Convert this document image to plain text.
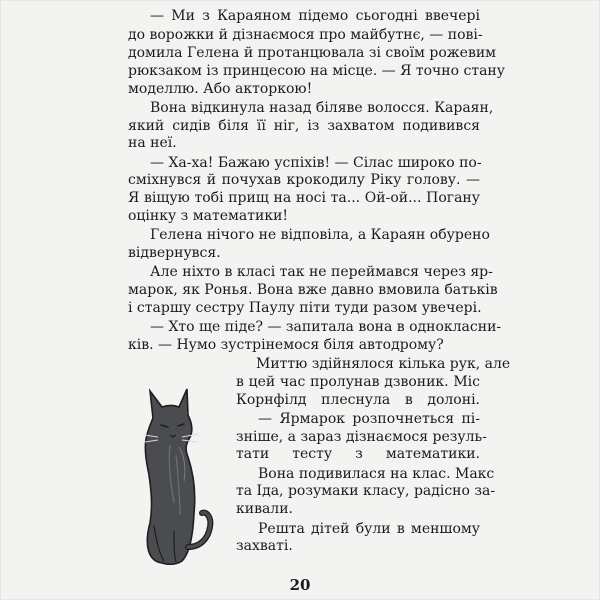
— Ми з Караяном підемо сьогодні ввечері
до ворожки й дізнаємося про майбутнє, — пові-
домила Гелена й протанцювала зі своїм рожевим
рюкзаком із принцесою на місце. — Я точно стану
моделлю. Або акторкою!
Вона відкинула назад біляве волосся. Караян,
який сидів біля її ніг, із захватом подивився
на неї.
— Ха-ха! Бажаю успіхів! — Сілас широко по-
сміхнувся й почухав крокодилу Ріку голову. —
Я віщую тобі прищ на носі та... Ой-ой... Погану
оцінку з математики!
Гелена нічого не відповіла, а Караян обурено
відвернувся.
Але ніхто в класі так не переймався через яр-
марок, як Ронья. Вона вже давно вмовила батьків
і старшу сестру Паулу піти туди разом увечері.
— Хто ще піде? — запитала вона в однокласни-
ків. — Нумо зустрінемося біля автодрому?
Миттю здійнялося кілька рук, але
в цей час пролунав дзвоник. Міс
Корнфілд плеснула в долоні.
— Ярмарок розпочнеться пі-
зніше, а зараз дізнаємося резуль-
тати тесту з математики.
Вона подивилася на клас. Макс
та Іда, розумаки класу, радісно за-
кивали.
Решта дітей були в меншому
захваті.
20
